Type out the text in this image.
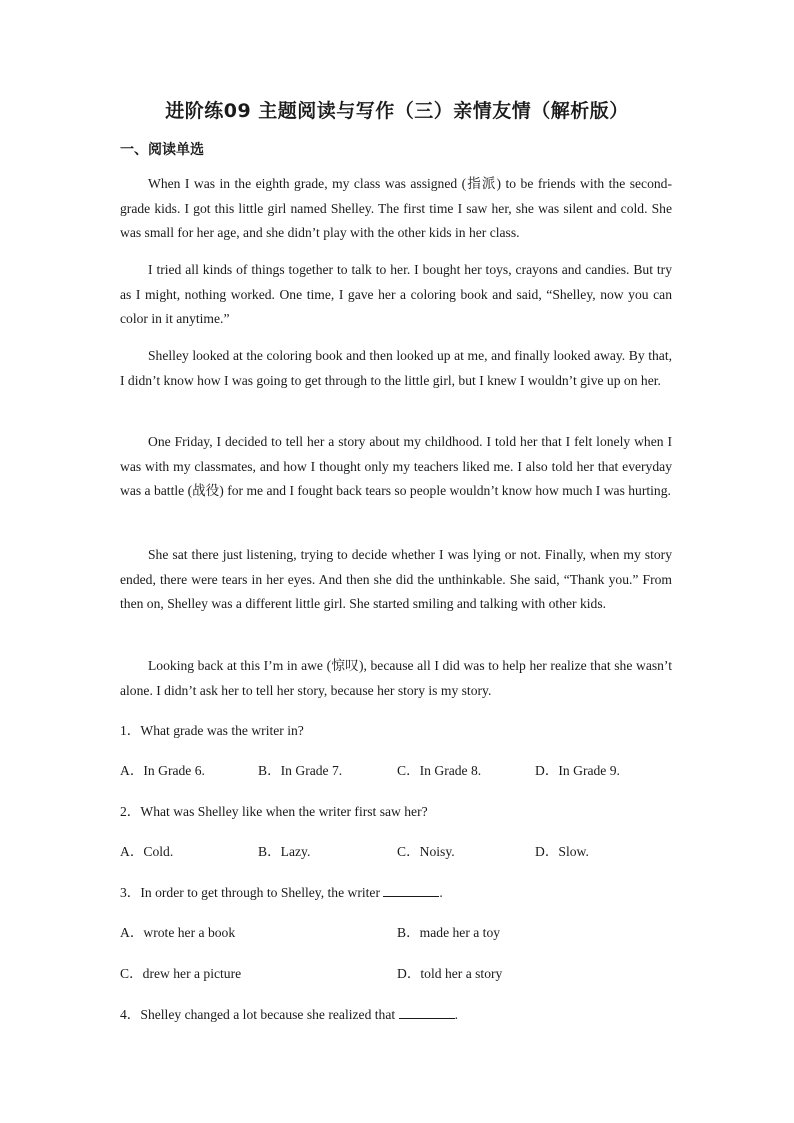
进阶练09 主题阅读与写作（三）亲情友情（解析版）
一、阅读单选
When I was in the eighth grade, my class was assigned (指派) to be friends with the second-grade kids. I got this little girl named Shelley. The first time I saw her, she was silent and cold. She was small for her age, and she didn’t play with the other kids in her class.
I tried all kinds of things together to talk to her. I bought her toys, crayons and candies. But try as I might, nothing worked. One time, I gave her a coloring book and said, “Shelley, now you can color in it anytime.”
Shelley looked at the coloring book and then looked up at me, and finally looked away. By that, I didn’t know how I was going to get through to the little girl, but I knew I wouldn’t give up on her.
One Friday, I decided to tell her a story about my childhood. I told her that I felt lonely when I was with my classmates, and how I thought only my teachers liked me. I also told her that everyday was a battle (战役) for me and I fought back tears so people wouldn’t know how much I was hurting.
She sat there just listening, trying to decide whether I was lying or not. Finally, when my story ended, there were tears in her eyes. And then she did the unthinkable. She said, “Thank you.” From then on, Shelley was a different little girl. She started smiling and talking with other kids.
Looking back at this I’m in awe (惊叹), because all I did was to help her realize that she wasn’t alone. I didn’t ask her to tell her story, because her story is my story.
1．What grade was the writer in?
A．In Grade 6.	B．In Grade 7.	C．In Grade 8.	D．In Grade 9.
2．What was Shelley like when the writer first saw her?
A．Cold.	B．Lazy.	C．Noisy.	D．Slow.
3．In order to get through to Shelley, the writer	.
A．wrote her a book	B．made her a toy
C．drew her a picture	D．told her a story
4．Shelley changed a lot because she realized that	.
